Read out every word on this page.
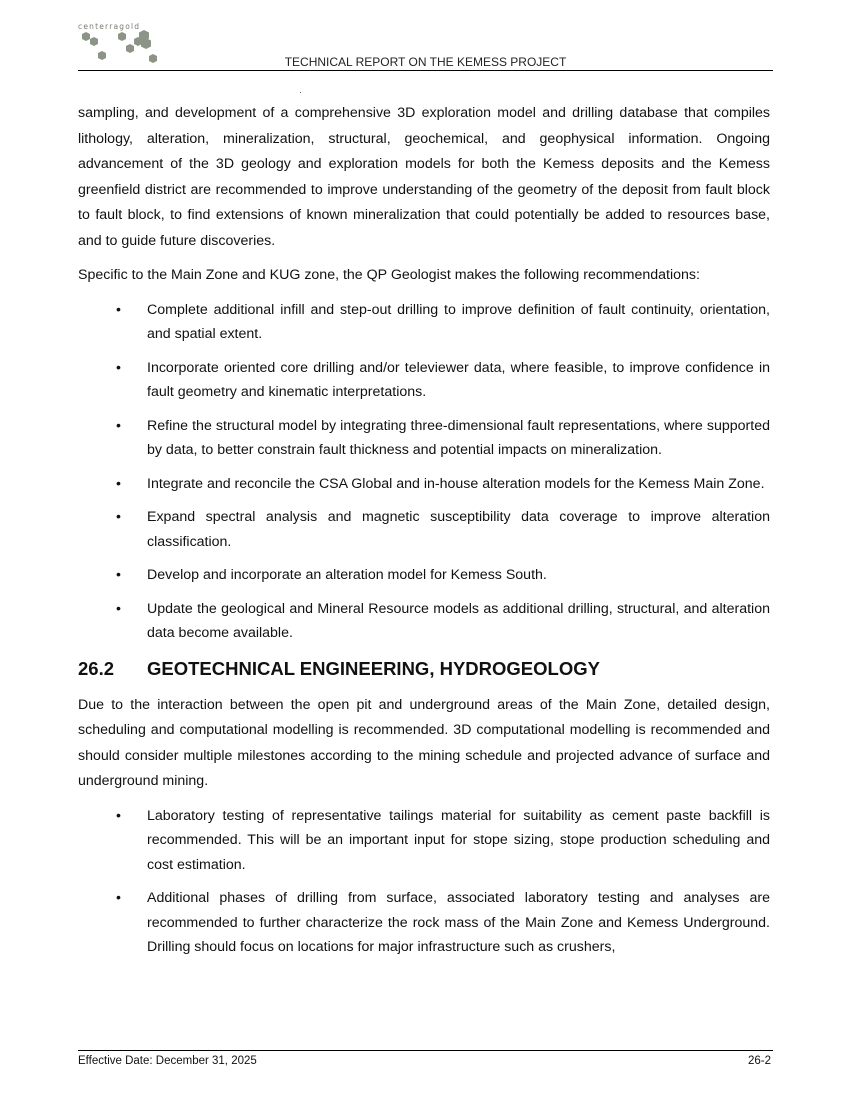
centerragold
TECHNICAL REPORT ON THE KEMESS PROJECT

sampling, and development of a comprehensive 3D exploration model and drilling database that compiles lithology, alteration, mineralization, structural, geochemical, and geophysical information. Ongoing advancement of the 3D geology and exploration models for both the Kemess deposits and the Kemess greenfield district are recommended to improve understanding of the geometry of the deposit from fault block to fault block, to find extensions of known mineralization that could potentially be added to resources base, and to guide future discoveries.

Specific to the Main Zone and KUG zone, the QP Geologist makes the following recommendations:

• Complete additional infill and step-out drilling to improve definition of fault continuity, orientation, and spatial extent.
• Incorporate oriented core drilling and/or televiewer data, where feasible, to improve confidence in fault geometry and kinematic interpretations.
• Refine the structural model by integrating three-dimensional fault representations, where supported by data, to better constrain fault thickness and potential impacts on mineralization.
• Integrate and reconcile the CSA Global and in-house alteration models for the Kemess Main Zone.
• Expand spectral analysis and magnetic susceptibility data coverage to improve alteration classification.
• Develop and incorporate an alteration model for Kemess South.
• Update the geological and Mineral Resource models as additional drilling, structural, and alteration data become available.
26.2	GEOTECHNICAL ENGINEERING, HYDROGEOLOGY

Due to the interaction between the open pit and underground areas of the Main Zone, detailed design, scheduling and computational modelling is recommended. 3D computational modelling is recommended and should consider multiple milestones according to the mining schedule and projected advance of surface and underground mining.

• Laboratory testing of representative tailings material for suitability as cement paste backfill is recommended. This will be an important input for stope sizing, stope production scheduling and cost estimation.
• Additional phases of drilling from surface, associated laboratory testing and analyses are recommended to further characterize the rock mass of the Main Zone and Kemess Underground. Drilling should focus on locations for major infrastructure such as crushers,
Effective Date: December 31, 2025	26-2
